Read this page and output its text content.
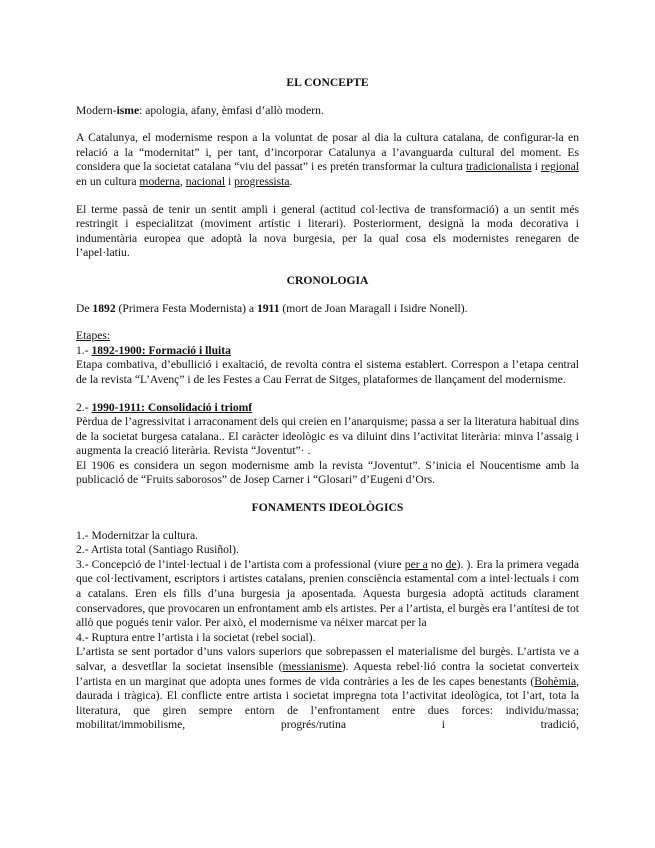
EL CONCEPTE

Modern-isme: apologia, afany, èmfasi d’allò modern.

A Catalunya, el modernisme respon a la voluntat de posar al dia la cultura catalana, de configurar-la en relació a la “modernitat” i, per tant, d’incorporar Catalunya a l’avanguarda cultural del moment. Es considera que la societat catalana “viu del passat” i es pretén transformar la cultura tradicionalista i regional en un cultura moderna, nacional i progressista.

El terme passà de tenir un sentit ampli i general (actitud col·lectiva de transformació) a un sentit més restringit i especialitzat (moviment artístic i literari). Posteriorment, designà la moda decorativa i indumentària europea que adoptà la nova burgesia, per la qual cosa els modernistes renegaren de l’apel·latiu.

CRONOLOGIA

De 1892 (Primera Festa Modernista) a 1911 (mort de Joan Maragall i Isidre Nonell).

Etapes:

1.- 1892-1900: Formació i lluita

Etapa combativa, d’ebullició i exaltació, de revolta contra el sistema establert. Correspon a l’etapa central de la revista “L’Avenç” i de les Festes a Cau Ferrat de Sitges, plataformes de llançament del modernisme.

2.- 1990-1911: Consolidació i triomf

Pèrdua de l’agressivitat i arraconament dels qui creien en l’anarquisme; passa a ser la literatura habitual dins de la societat burgesa catalana.. El caràcter ideològic es va diluint dins l’activitat literària: minva l’assaig i augmenta la creació literària. Revista “Joventut”· .

El 1906 es considera un segon modernisme amb la revista “Joventut”. S’inicia el Noucentisme amb la publicació de “Fruits saborosos” de Josep Carner i “Glosari” d’Eugeni d’Ors.

FONAMENTS IDEOLÒGICS

1.- Modernitzar la cultura.

2.- Artista total (Santiago Rusiñol).

3.- Concepció de l’intel·lectual i de l’artista com a professional (viure per a no de). ). Era la primera vegada que col·lectivament, escriptors i artistes catalans, prenien consciència estamental com a intel·lectuals i com a catalans. Eren els fills d’una burgesia ja aposentada. Aquesta burgesia adoptà actituds clarament conservadores, que provocaren un enfrontament amb els artistes. Per a l’artista, el burgès era l’antítesi de tot allò que pogués tenir valor. Per això, el modernisme va néixer marcat per la

4.- Ruptura entre l’artista i la societat (rebel social).

L’artista se sent portador d’uns valors superiors que sobrepassen el materialisme del burgès. L’artista ve a salvar, a desvetllar la societat insensible (messianisme). Aquesta rebel·lió contra la societat converteix l’artista en un marginat que adopta unes formes de vida contràries a les de les capes benestants (Bohèmia, daurada i tràgica). El conflicte entre artista i societat impregna tota l’activitat ideològica, tot l’art, tota la literatura, que giren sempre entorn de l’enfrontament entre dues forces: individu/massa; mobilitat/immobilisme, progrés/rutina i tradició,
